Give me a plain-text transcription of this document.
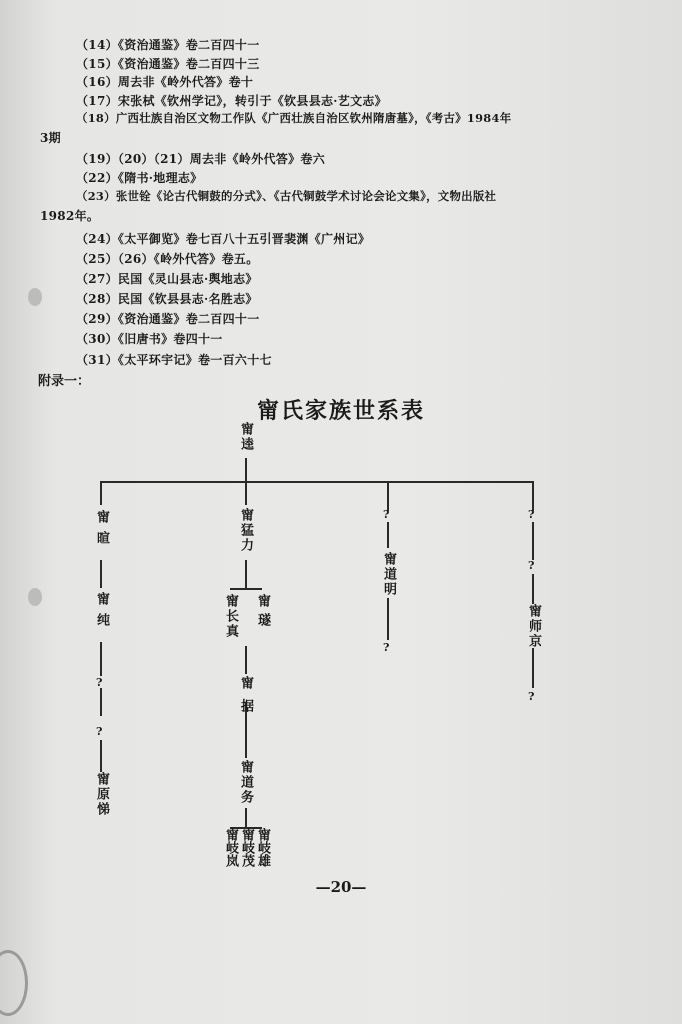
（14）《资治通鉴》卷二百四十一
（15）《资治通鉴》卷二百四十三
（16）周去非《岭外代答》卷十
（17）宋张栻《钦州学记》，转引于《钦县县志·艺文志》
（18）广西壮族自治区文物工作队《广西壮族自治区钦州隋唐墓》，《考古》1984年
3期
（19）（20）（21）周去非《岭外代答》卷六
（22）《隋书·地理志》
（23）张世铨《论古代铜鼓的分式》、《古代铜鼓学术讨论会论文集》，文物出版社
1982年。
（24）《太平御览》卷七百八十五引晋裴渊《广州记》
（25）（26）《岭外代答》卷五。
（27）民国《灵山县志·舆地志》
（28）民国《钦县县志·名胜志》
（29）《资治通鉴》卷二百四十一
（30）《旧唐书》卷四十一
（31）《太平环宇记》卷一百六十七
附录一：
甯氏家族世系表
甯逵
甯暄
甯纯
甯原悌
甯猛力
甯长真 甯璲
甯据
甯道务
甯岐岚 甯岐茂 甯岐雄
甯道明
甯师京
?
?
?
?
?
?
?
—20—
